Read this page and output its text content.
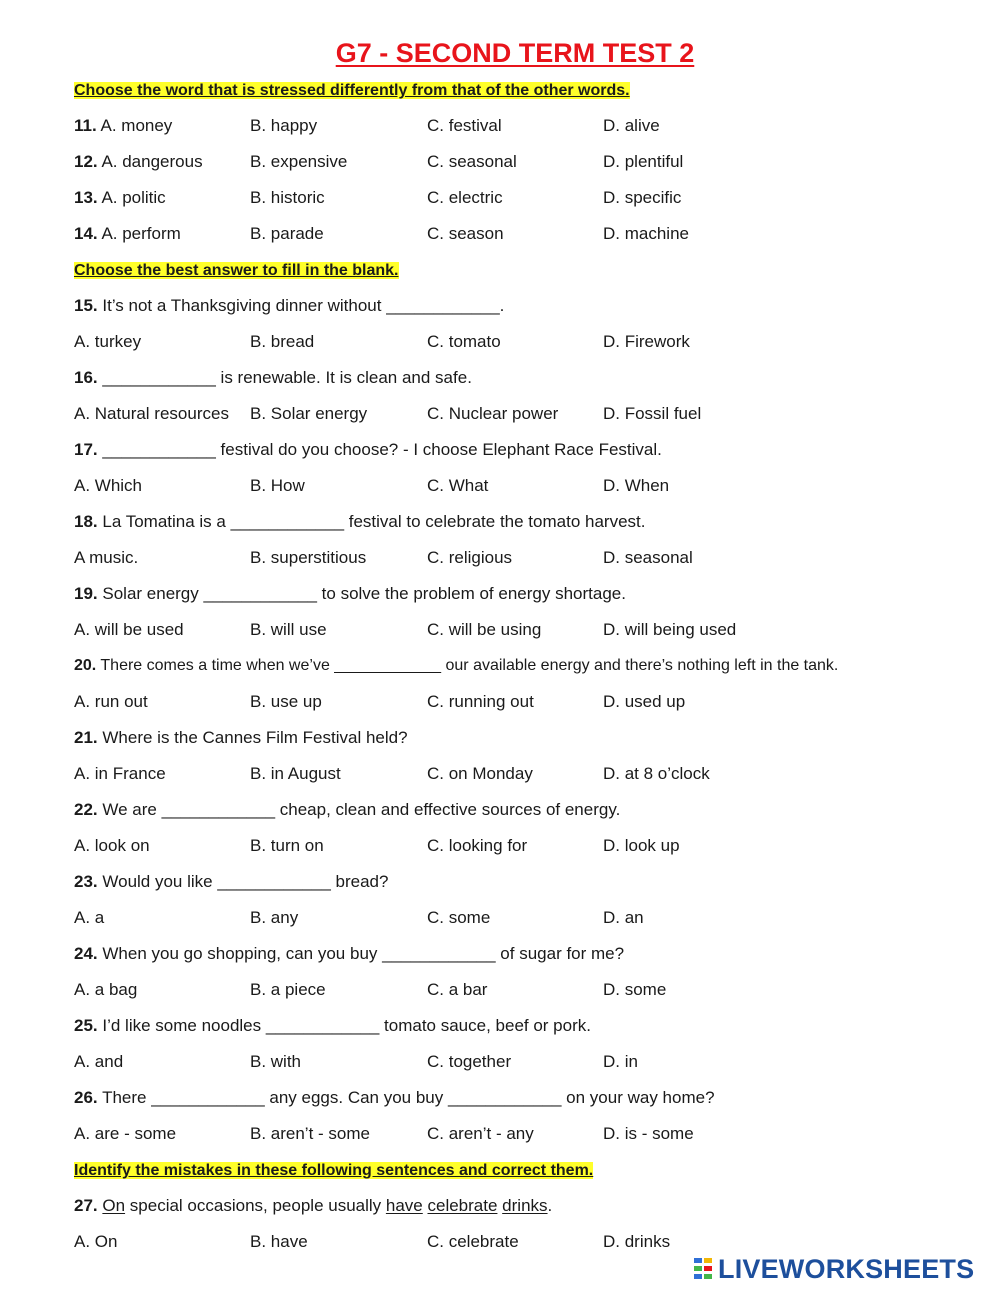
G7 - SECOND TERM TEST 2
Choose the word that is stressed differently from that of the other words.
11. A. money	B. happy	C. festival	D. alive
12. A. dangerous	B. expensive	C. seasonal	D. plentiful
13. A. politic	B. historic	C. electric	D. specific
14. A. perform	B. parade	C. season	D. machine
Choose the best answer to fill in the blank.
15. It’s not a Thanksgiving dinner without ____________.
A. turkey	B. bread	C. tomato	D. Firework
16. ____________ is renewable. It is clean and safe.
A. Natural resources B. Solar energy	C. Nuclear power	D. Fossil fuel
17. ____________ festival do you choose? - I choose Elephant Race Festival.
A. Which	B. How	C. What	D. When
18. La Tomatina is a ____________ festival to celebrate the tomato harvest.
A music.	B. superstitious	C. religious	D. seasonal
19. Solar energy ____________ to solve the problem of energy shortage.
A. will be used	B. will use	C. will be using	D. will being used
20. There comes a time when we’ve ____________ our available energy and there’s nothing left in the tank.
A. run out	B. use up	C. running out	D. used up
21. Where is the Cannes Film Festival held?
A. in France	B. in August	C. on Monday	D. at 8 o’clock
22. We are ____________ cheap, clean and effective sources of energy.
A. look on	B. turn on	C. looking for	D. look up
23. Would you like ____________ bread?
A. a	B. any	C. some	D. an
24. When you go shopping, can you buy ____________ of sugar for me?
A. a bag	B. a piece	C. a bar	D. some
25. I’d like some noodles ____________ tomato sauce, beef or pork.
A. and	B. with	C. together	D. in
26. There ____________ any eggs. Can you buy ____________ on your way home?
A. are - some	B. aren’t - some	C. aren’t - any	D. is - some
Identify the mistakes in these following sentences and correct them.
27. On special occasions, people usually have celebrate drinks.
A. On	B. have	C. celebrate	D. drinks
LIVEWORKSHEETS
